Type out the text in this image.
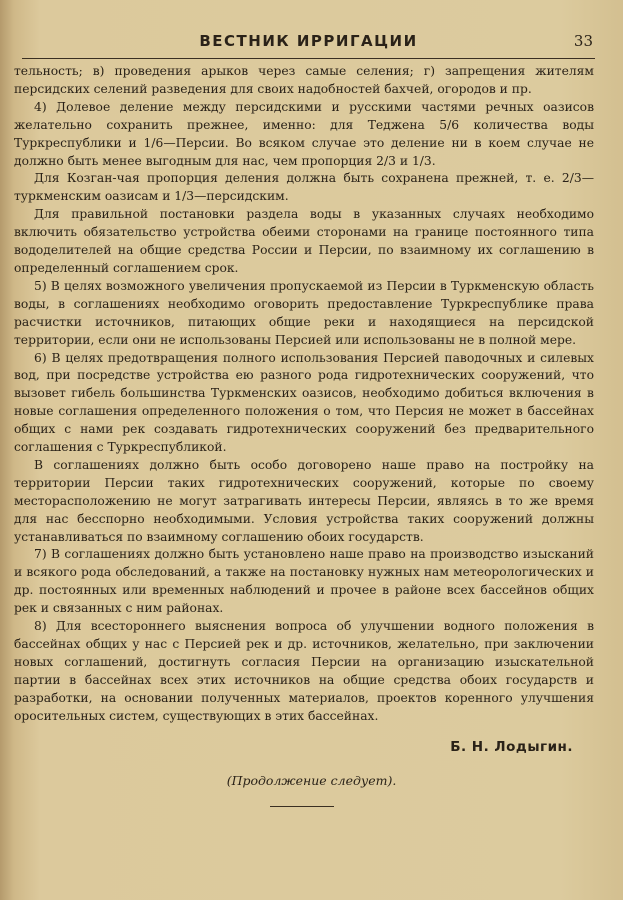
ВЕСТНИК ИРРИГАЦИИ	33

тельность; в) проведения арыков через самые селения; г) запрещения жителям персидских селений разведения для своих надобностей бахчей, огородов и пр.

4) Долевое деление между персидскими и русскими частями речных оазисов желательно сохранить прежнее, именно: для Теджена 5/6 количества воды Туркреспублики и 1/6—Персии. Во всяком случае это деление ни в коем случае не должно быть менее выгодным для нас, чем пропорция 2/3 и 1/3.

Для Козган-чая пропорция деления должна быть сохранена прежней, т. е. 2/3—туркменским оазисам и 1/3—персидским.

Для правильной постановки раздела воды в указанных случаях необходимо включить обязательство устройства обеими сторонами на границе постоянного типа вододелителей на общие средства России и Персии, по взаимному их соглашению в определенный соглашением срок.

5) В целях возможного увеличения пропускаемой из Персии в Туркменскую область воды, в соглашениях необходимо оговорить предоставление Туркреспублике права расчистки источников, питающих общие реки и находящиеся на персидской территории, если они не использованы Персией или использованы не в полной мере.

6) В целях предотвращения полного использования Персией паводочных и силевых вод, при посредстве устройства ею разного рода гидротехнических сооружений, что вызовет гибель большинства Туркменских оазисов, необходимо добиться включения в новые соглашения определенного положения о том, что Персия не может в бассейнах общих с нами рек создавать гидротехнических сооружений без предварительного соглашения с Туркреспубликой.

В соглашениях должно быть особо договорено наше право на постройку на территории Персии таких гидротехнических сооружений, которые по своему месторасположению не могут затрагивать интересы Персии, являясь в то же время для нас бесспорно необходимыми. Условия устройства таких сооружений должны устанавливаться по взаимному соглашению обоих государств.

7) В соглашениях должно быть установлено наше право на производство изысканий и всякого рода обследований, а также на постановку нужных нам метеорологических и др. постоянных или временных наблюдений и прочее в районе всех бассейнов общих рек и связанных с ним районах.

8) Для всестороннего выяснения вопроса об улучшении водного положения в бассейнах общих у нас с Персией рек и др. источников, желательно, при заключении новых соглашений, достигнуть согласия Персии на организацию изыскательной партии в бассейнах всех этих источников на общие средства обоих государств и разработки, на основании полученных материалов, проектов коренного улучшения оросительных систем, существующих в этих бассейнах.

Б. Н. Лодыгин.
(Продолжение следует).
